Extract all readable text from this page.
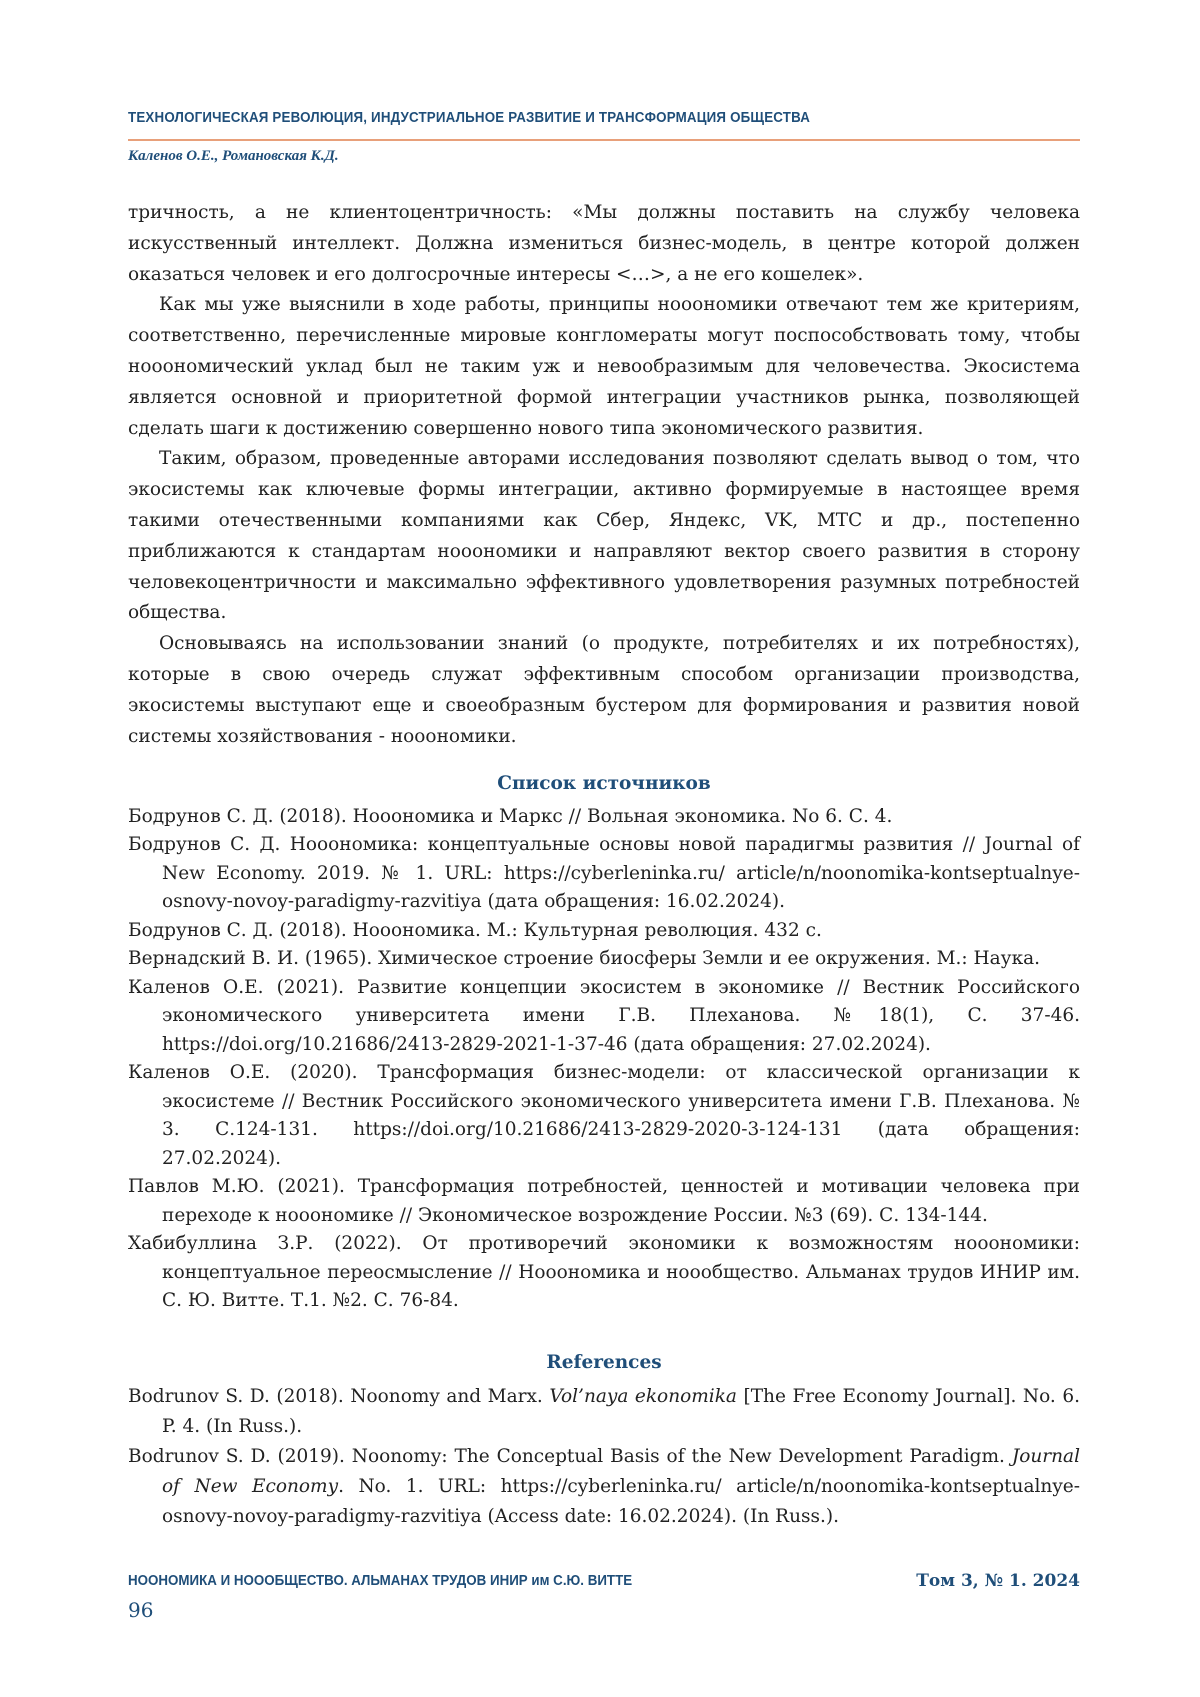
ТЕХНОЛОГИЧЕСКАЯ РЕВОЛЮЦИЯ, ИНДУСТРИАЛЬНОЕ РАЗВИТИЕ И ТРАНСФОРМАЦИЯ ОБЩЕСТВА
Каленов О.Е., Романовская К.Д.

тричность, а не клиентоцентричность: «Мы должны поставить на службу человека искусственный интеллект. Должна измениться бизнес-модель, в центре которой должен оказаться человек и его долгосрочные интересы <…>, а не его кошелек».

Как мы уже выяснили в ходе работы, принципы нооономики отвечают тем же критериям, соответственно, перечисленные мировые конгломераты могут поспособствовать тому, чтобы нооономический уклад был не таким уж и невообразимым для человечества. Экосистема является основной и приоритетной формой интеграции участников рынка, позволяющей сделать шаги к достижению совершенно нового типа экономического развития.

Таким, образом, проведенные авторами исследования позволяют сделать вывод о том, что экосистемы как ключевые формы интеграции, активно формируемые в настоящее время такими отечественными компаниями как Сбер, Яндекс, VK, МТС и др., постепенно приближаются к стандартам нооономики и направляют вектор своего развития в сторону человекоцентричности и максимально эффективного удовлетворения разумных потребностей общества.

Основываясь на использовании знаний (о продукте, потребителях и их потребностях), которые в свою очередь служат эффективным способом организации производства, экосистемы выступают еще и своеобразным бустером для формирования и развития новой системы хозяйствования - нооономики.

Список источников

Бодрунов С. Д. (2018). Нооономика и Маркс // Вольная экономика. No 6. С. 4.

Бодрунов С. Д. Нооономика: концептуальные основы новой парадигмы развития // Journal of New Economy. 2019. № 1. URL: https://cyberleninka.ru/ article/n/noonomika-kontseptualnye-osnovy-novoy-paradigmy-razvitiya (дата обращения: 16.02.2024).

Бодрунов С. Д. (2018). Нооономика. М.: Культурная революция. 432 с.

Вернадский В. И. (1965). Химическое строение биосферы Земли и ее окружения. М.: Наука.

Каленов О.Е. (2021). Развитие концепции экосистем в экономике // Вестник Российского экономического университета имени Г.В. Плеханова. №18(1), С. 37-46. https://doi.org/10.21686/2413-2829-2021-1-37-46 (дата обращения: 27.02.2024).

Каленов О.Е. (2020). Трансформация бизнес-модели: от классической организации к экосистеме // Вестник Российского экономического университета имени Г.В. Плеханова. № 3. С.124-131. https://doi.org/10.21686/2413-2829-2020-3-124-131 (дата обращения: 27.02.2024).

Павлов М.Ю. (2021). Трансформация потребностей, ценностей и мотивации человека при переходе к нооономике // Экономическое возрождение России. №3 (69). С. 134-144.

Хабибуллина З.Р. (2022). От противоречий экономики к возможностям нооономики: концептуальное переосмысление // Нооономика и ноообщество. Альманах трудов ИНИР им. С. Ю. Витте. Т.1. №2. С. 76-84.

References

Bodrunov S. D. (2018). Noonomy and Marx. Vol’naya ekonomika [The Free Economy Journal]. No. 6. P. 4. (In Russ.).

Bodrunov S. D. (2019). Noonomy: The Conceptual Basis of the New Development Paradigm. Journal of New Economy. No. 1. URL: https://cyberleninka.ru/ article/n/noonomika-kontseptualnye-osnovy-novoy-paradigmy-razvitiya (Access date: 16.02.2024). (In Russ.).

НООНОМИКА И НОООБЩЕСТВО. АЛЬМАНАХ ТРУДОВ ИНИР им С.Ю. ВИТТЕ	Том 3, № 1. 2024
96
